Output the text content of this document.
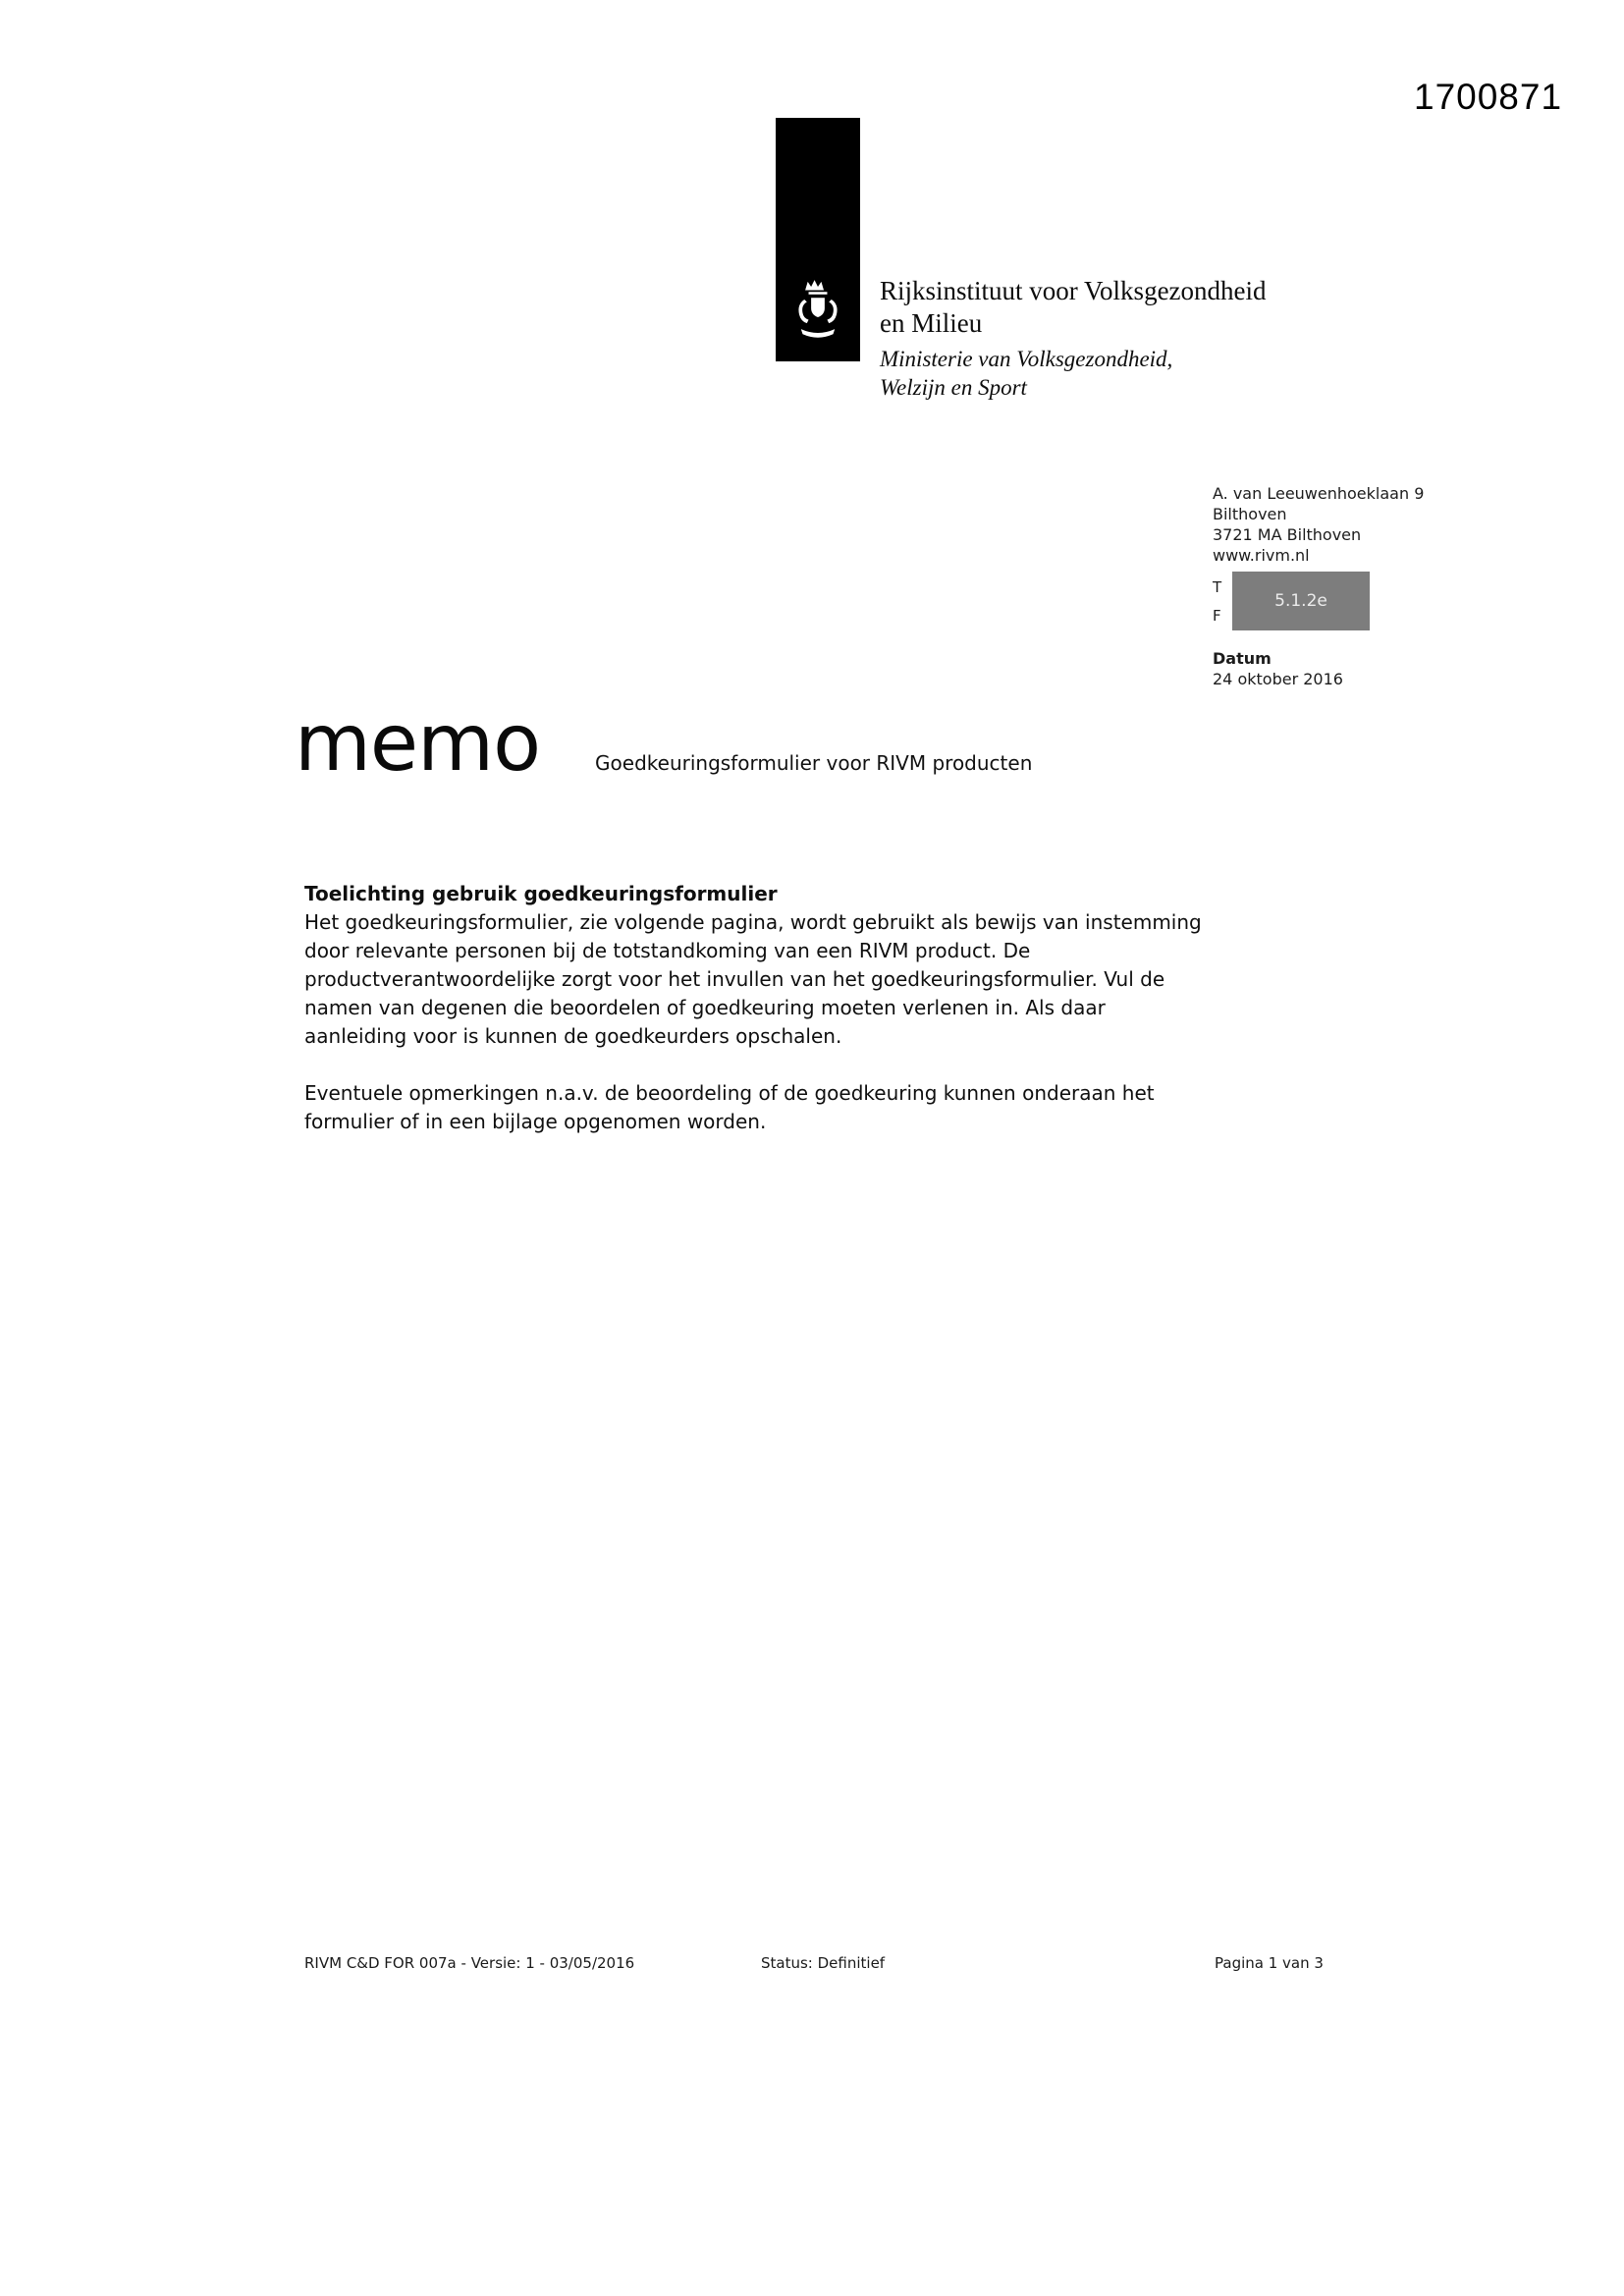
1700871
Rijksinstituut voor Volksgezondheid
en Milieu
Ministerie van Volksgezondheid,
Welzijn en Sport
A. van Leeuwenhoeklaan 9
Bilthoven
3721 MA Bilthoven
www.rivm.nl
T
F
5.1.2e
Datum
24 oktober 2016
memo	Goedkeuringsformulier voor RIVM producten
Toelichting gebruik goedkeuringsformulier

Het goedkeuringsformulier, zie volgende pagina, wordt gebruikt als bewijs van instemming door relevante personen bij de totstandkoming van een RIVM product. De productverantwoordelijke zorgt voor het invullen van het goedkeuringsformulier. Vul de namen van degenen die beoordelen of goedkeuring moeten verlenen in. Als daar aanleiding voor is kunnen de goedkeurders opschalen.

Eventuele opmerkingen n.a.v. de beoordeling of de goedkeuring kunnen onderaan het formulier of in een bijlage opgenomen worden.

RIVM C&D FOR 007a - Versie: 1 - 03/05/2016	Status: Definitief	Pagina 1 van 3
